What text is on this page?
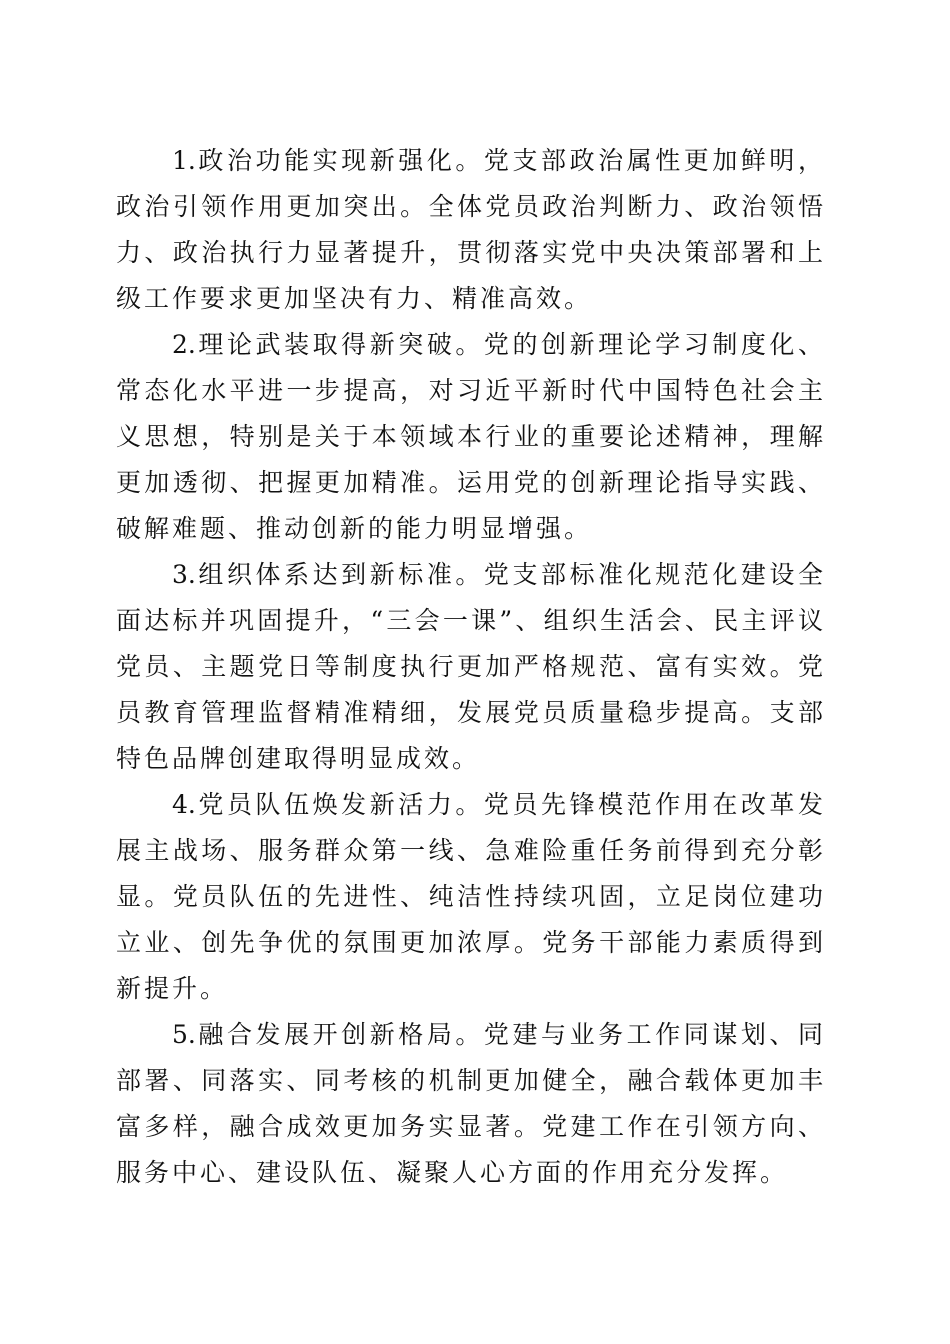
1.政治功能实现新强化。党支部政治属性更加鲜明，政治引领作用更加突出。全体党员政治判断力、政治领悟力、政治执行力显著提升，贯彻落实党中央决策部署和上级工作要求更加坚决有力、精准高效。

2.理论武装取得新突破。党的创新理论学习制度化、常态化水平进一步提高，对习近平新时代中国特色社会主义思想，特别是关于本领域本行业的重要论述精神，理解更加透彻、把握更加精准。运用党的创新理论指导实践、破解难题、推动创新的能力明显增强。

3.组织体系达到新标准。党支部标准化规范化建设全面达标并巩固提升，“三会一课”、组织生活会、民主评议党员、主题党日等制度执行更加严格规范、富有实效。党员教育管理监督精准精细，发展党员质量稳步提高。支部特色品牌创建取得明显成效。

4.党员队伍焕发新活力。党员先锋模范作用在改革发展主战场、服务群众第一线、急难险重任务前得到充分彰显。党员队伍的先进性、纯洁性持续巩固，立足岗位建功立业、创先争优的氛围更加浓厚。党务干部能力素质得到新提升。

5.融合发展开创新格局。党建与业务工作同谋划、同部署、同落实、同考核的机制更加健全，融合载体更加丰富多样，融合成效更加务实显著。党建工作在引领方向、服务中心、建设队伍、凝聚人心方面的作用充分发挥。
